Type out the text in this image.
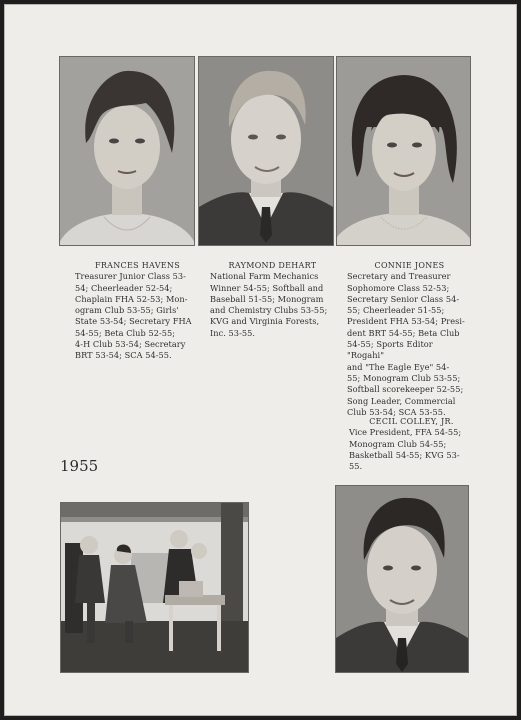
FRANCES HAVENS
Treasurer Junior Class 53-
54; Cheerleader 52-54;
Chaplain FHA 52-53; Mon-
ogram Club 53-55; Girls'
State 53-54; Secretary FHA
54-55; Beta Club 52-55;
4-H Club 53-54; Secretary
BRT 53-54; SCA 54-55.
RAYMOND DEHART
National Farm Mechanics
Winner 54-55; Softball and
Baseball 51-55; Monogram
and Chemistry Clubs 53-55;
KVG and Virginia Forests,
Inc. 53-55.
CONNIE JONES
Secretary and Treasurer
Sophomore Class 52-53;
Secretary Senior Class 54-
55; Cheerleader 51-55;
President FHA 53-54; Presi-
dent BRT 54-55; Beta Club
54-55; Sports Editor "Rogahi"
and "The Eagle Eye" 54-
55; Monogram Club 53-55;
Softball scorekeeper 52-55;
Song Leader, Commercial
Club 53-54; SCA 53-55.
CECIL COLLEY, JR.
Vice President, FFA 54-55;
Monogram Club 54-55;
Basketball 54-55; KVG 53-
55.
1955
